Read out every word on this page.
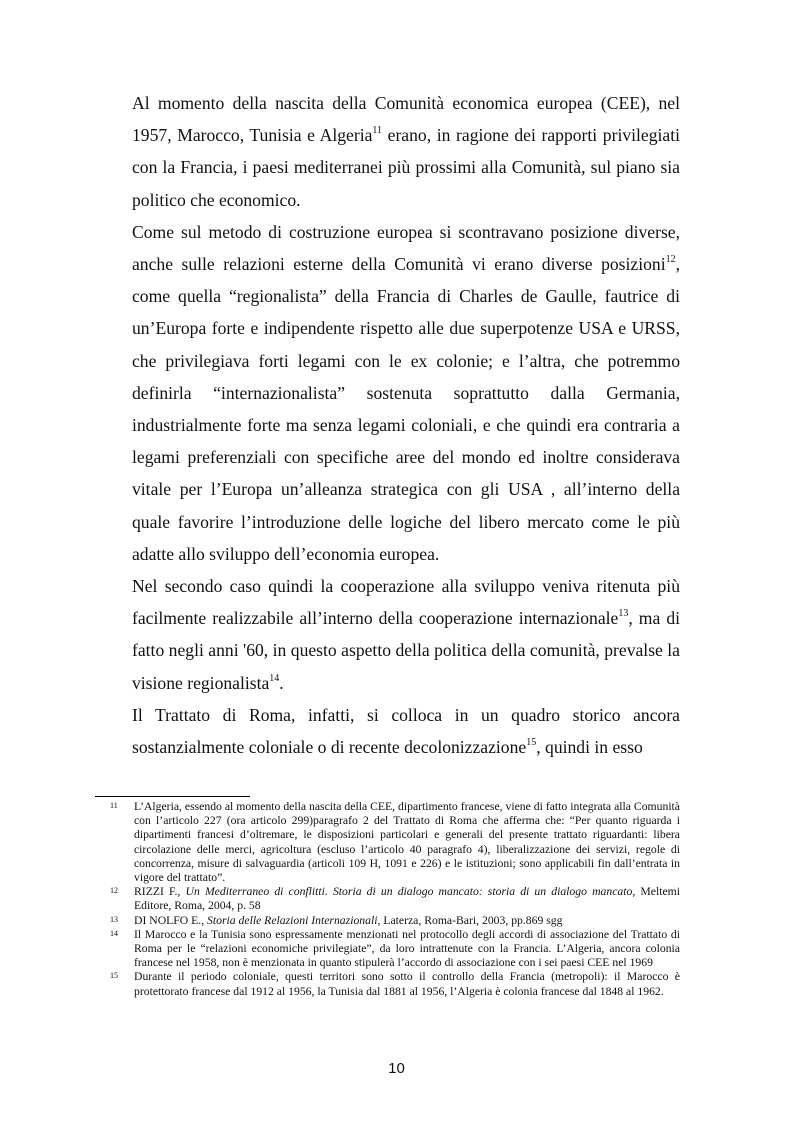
Al momento della nascita della Comunità economica europea (CEE), nel 1957, Marocco, Tunisia e Algeria$^{11}$ erano, in ragione dei rapporti privilegiati con la Francia, i paesi mediterranei più prossimi alla Comunità, sul piano sia politico che economico.

Come sul metodo di costruzione europea si scontravano posizione diverse, anche sulle relazioni esterne della Comunità vi erano diverse posizioni$^{12}$, come quella “regionalista” della Francia di Charles de Gaulle, fautrice di un’Europa forte e indipendente rispetto alle due superpotenze USA e URSS, che privilegiava forti legami con le ex colonie; e l’altra, che potremmo definirla “internazionalista” sostenuta soprattutto dalla Germania, industrialmente forte ma senza legami coloniali, e che quindi era contraria a legami preferenziali con specifiche aree del mondo ed inoltre considerava vitale per l’Europa un’alleanza strategica con gli USA , all’interno della quale favorire l’introduzione delle logiche del libero mercato come le più adatte allo sviluppo dell’economia europea.

Nel secondo caso quindi la cooperazione alla sviluppo veniva ritenuta più facilmente realizzabile all’interno della cooperazione internazionale$^{13}$, ma di fatto negli anni '60, in questo aspetto della politica della comunità, prevalse la visione regionalista$^{14}$.

Il Trattato di Roma, infatti, si colloca in un quadro storico ancora sostanzialmente coloniale o di recente decolonizzazione$^{15}$, quindi in esso

11 L’Algeria, essendo al momento della nascita della CEE, dipartimento francese, viene di fatto integrata alla Comunità con l’articolo 227 (ora articolo 299)paragrafo 2 del Trattato di Roma che afferma che: “Per quanto riguarda i dipartimenti francesi d’oltremare, le disposizioni particolari e generali del presente trattato riguardanti: libera circolazione delle merci, agricoltura (escluso l’articolo 40 paragrafo 4), liberalizzazione dei servizi, regole di concorrenza, misure di salvaguardia (articoli 109 H, 1091 e 226) e le istituzioni; sono applicabili fin dall’entrata in vigore del trattato”.
12 RIZZI F., Un Mediterraneo di conflitti. Storia di un dialogo mancato: storia di un dialogo mancato, Meltemi Editore, Roma, 2004, p. 58
13 DI NOLFO E., Storia delle Relazioni Internazionali, Laterza, Roma-Bari, 2003, pp.869 sgg
14 Il Marocco e la Tunisia sono espressamente menzionati nel protocollo degli accordi di associazione del Trattato di Roma per le “relazioni economiche privilegiate”, da loro intrattenute con la Francia. L’Algeria, ancora colonia francese nel 1958, non è menzionata in quanto stipulerà l’accordo di associazione con i sei paesi CEE nel 1969
15 Durante il periodo coloniale, questi territori sono sotto il controllo della Francia (metropoli): il Marocco è protettorato francese dal 1912 al 1956, la Tunisia dal 1881 al 1956, l’Algeria è colonia francese dal 1848 al 1962.
10
